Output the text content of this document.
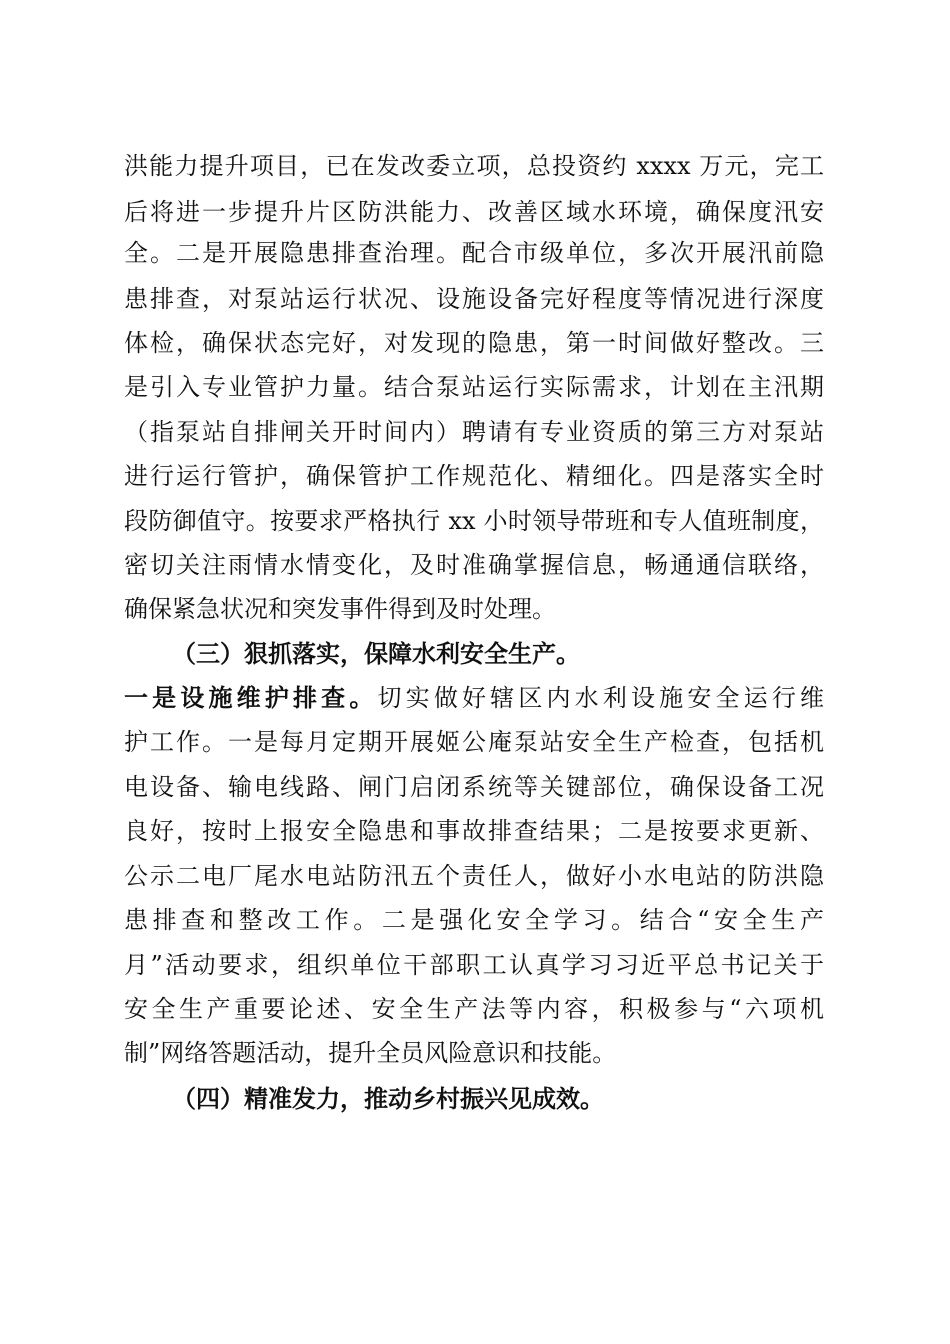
洪能力提升项目，已在发改委立项，总投资约 xxxx 万元，完工
后将进一步提升片区防洪能力、改善区域水环境，确保度汛安
全。二是开展隐患排查治理。配合市级单位，多次开展汛前隐
患排查，对泵站运行状况、设施设备完好程度等情况进行深度
体检，确保状态完好，对发现的隐患，第一时间做好整改。三
是引入专业管护力量。结合泵站运行实际需求，计划在主汛期
（指泵站自排闸关开时间内）聘请有专业资质的第三方对泵站
进行运行管护，确保管护工作规范化、精细化。四是落实全时
段防御值守。按要求严格执行 xx 小时领导带班和专人值班制度，
密切关注雨情水情变化，及时准确掌握信息，畅通通信联络，
确保紧急状况和突发事件得到及时处理。
（三）狠抓落实，保障水利安全生产。
一是设施维护排查。切实做好辖区内水利设施安全运行维
护工作。一是每月定期开展姬公庵泵站安全生产检查，包括机
电设备、输电线路、闸门启闭系统等关键部位，确保设备工况
良好，按时上报安全隐患和事故排查结果；二是按要求更新、
公示二电厂尾水电站防汛五个责任人，做好小水电站的防洪隐
患排查和整改工作。二是强化安全学习。结合“安全生产
月”活动要求，组织单位干部职工认真学习习近平总书记关于
安全生产重要论述、安全生产法等内容，积极参与“六项机
制”网络答题活动，提升全员风险意识和技能。
（四）精准发力，推动乡村振兴见成效。
